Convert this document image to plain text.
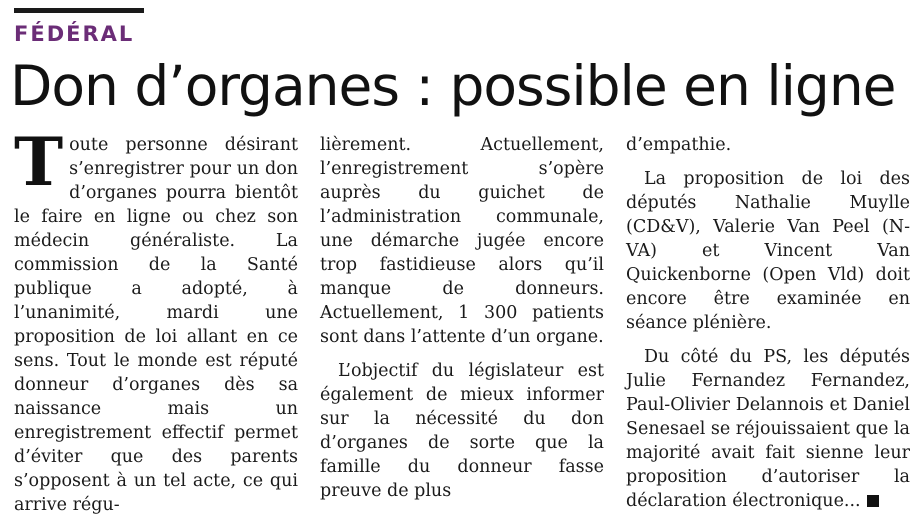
FÉDÉRAL
Don d’organes : possible en ligne

Toute personne désirant s’enregistrer pour un don d’organes pourra bientôt le faire en ligne ou chez son médecin généraliste. La commission de la Santé publique a adopté, à l’unanimité, mardi une proposition de loi allant en ce sens. Tout le monde est réputé donneur d’organes dès sa naissance mais un enregistrement effectif permet d’éviter que des parents s’opposent à un tel acte, ce qui arrive régu-

lièrement. Actuellement, l’enregistrement s’opère auprès du guichet de l’administration communale, une démarche jugée encore trop fastidieuse alors qu’il manque de donneurs. Actuellement, 1 300 patients sont dans l’attente d’un organe.

L’objectif du législateur est également de mieux informer sur la nécessité du don d’organes de sorte que la famille du donneur fasse preuve de plus

d’empathie.

La proposition de loi des députés Nathalie Muylle (CD&V), Valerie Van Peel (N-VA) et Vincent Van Quickenborne (Open Vld) doit encore être examinée en séance plénière.

Du côté du PS, les députés Julie Fernandez Fernandez, Paul-Olivier Delannois et Daniel Senesael se réjouissaient que la majorité avait fait sienne leur proposition d’autoriser la déclaration électronique...
